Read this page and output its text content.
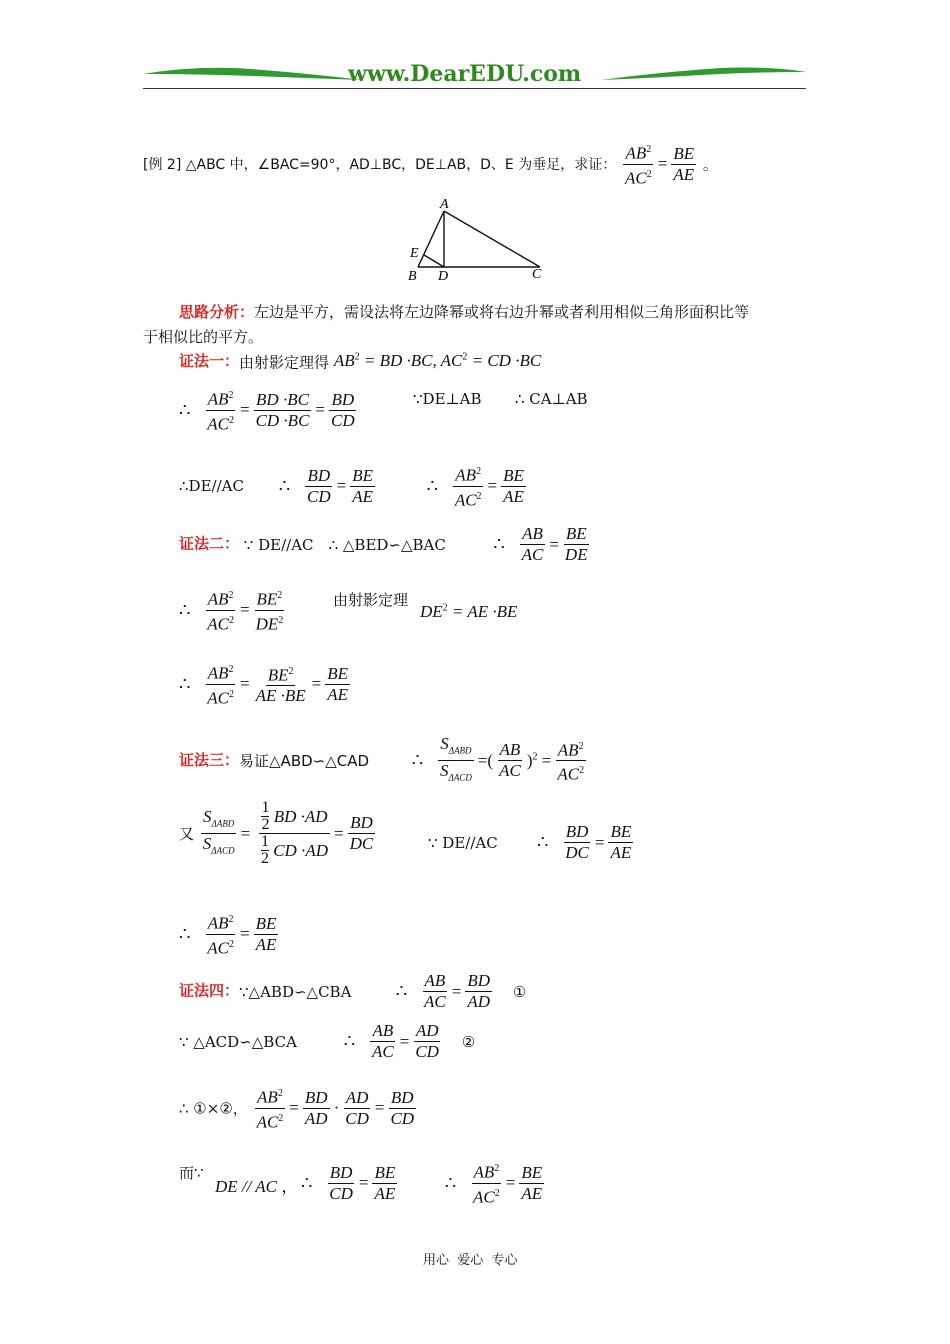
www.DearEDU.com
[例 2] △ABC 中，∠BAC=90°，AD⊥BC，DE⊥AB，D、E 为垂足，求证： $\frac{AB^2}{AC^2} = \frac{BE}{AE}$ 。
A
E
B D	C
思路分析：左边是平方，需设法将左边降幂或将右边升幂或者利用相似三角形面积比等
于相似比的平方。
证法一：由射影定理得 $AB^2$ = BD ·BC, $AC^2$ = CD ·BC
∴ $\frac{AB^2}{AC^2} = \frac{BD \cdot BC}{CD \cdot BC} = \frac{BD}{CD}$	∵DE⊥AB ∴ CA⊥AB
∴DE//AC ∴ $\frac{BD}{CD} = \frac{BE}{AE}$	∴ $\frac{AB^2}{AC^2} = \frac{BE}{AE}$
证法二： ∵ DE//AC ∴ △BED∽△BAC	∴ $\frac{AB}{AC} = \frac{BE}{DE}$
∴ $\frac{AB^2}{AC^2} = \frac{BE^2}{DE^2}$	由射影定理
$DE^2$ = AE ·BE
∴ $\frac{AB^2}{AC^2} = \frac{BE^2}{AE \cdot BE} = \frac{BE}{AE}$
证法三：易证△ABD∽△CAD ∴ $\frac{S_{\Delta ABD}}{S_{\Delta ACD}}$ =( $\frac{AB}{AC} )^2 = \frac{AB^2}{AC^2}$
又 $\frac{S_{\Delta ABD}}{S_{\Delta ACD}} = 1$
2 BD ·AD
1
2 CD $\cdot AD = \frac{BD}{DC}$	∵ DE//AC ∴ $\frac{BD}{DC} = \frac{BE}{AE}$
∴ $\frac{AB^2}{AC^2} = \frac{BE}{AE}$
证法四：∵△ABD∽△CBA ∴ $\frac{AB}{AC} = \frac{BD}{AD}$ ①
∵ △ACD∽△BCA	∴ $\frac{AB}{AC} = \frac{AD}{CD}$ ②
∴ ①×②， $\frac{AB^2}{AC^2} = \frac{BD}{AD} \cdot \frac{AD}{CD} = \frac{BD}{CD}$
而∵
DE // AC ， ∴ $\frac{BD}{CD} = \frac{BE}{AE}$	∴ $\frac{AB^2}{AC^2} = \frac{BE}{AE}$
用心  爱心  专心
